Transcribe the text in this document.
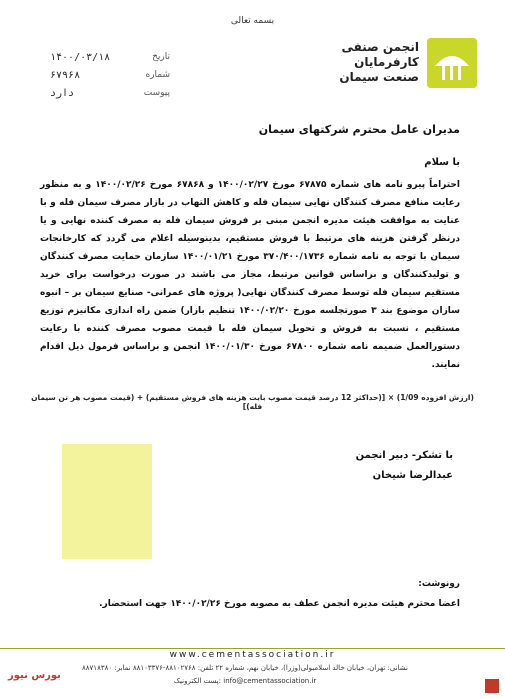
بسمه تعالی
انجمن صنفی
کارفرمایان
صنعت سیمان
تاریخ
۱۴۰۰/۰۳/۱۸
شماره
۶۷۹۶۸
پیوست
دارد
مدیران عامل محترم شرکتهای سیمان
با سلام
احتراماً پیرو نامه های شماره ۶۷۸۷۵ مورخ ۱۴۰۰/۰۲/۲۷ و ۶۷۸۶۸ مورخ ۱۴۰۰/۰۲/۲۶ و به منظور رعایت منافع مصرف کنندگان نهایی سیمان فله و کاهش التهاب در بازار مصرف سیمان فله و با عنایت به موافقت هیئت مدیره انجمن مبنی بر فروش سیمان فله به مصرف کننده نهایی و یا درنظر گرفتن هزینه های مرتبط با فروش مستقیم، بدینوسیله اعلام می گردد که کارخانجات سیمان با توجه به نامه شماره ۳۷۰/۴۰۰/۱۷۳۶ مورخ ۱۴۰۰/۰۱/۲۱ سازمان حمایت مصرف کنندگان و تولیدکنندگان و براساس قوانین مرتبط، مجاز می باشند در صورت درخواست برای خرید مستقیم سیمان فله توسط مصرف کنندگان نهایی( پروژه های عمرانی- صنایع سیمان بر – انبوه سازان موضوع بند ۳ صورتجلسه مورخ ۱۴۰۰/۰۲/۲۰ تنظیم بازار) ضمن راه اندازی مکانیزم توزیع مستقیم ، نسبت به فروش و تحویل سیمان فله با قیمت مصوب مصرف کننده با رعایت دستورالعمل ضمیمه نامه شماره ۶۷۸۰۰ مورخ ۱۴۰۰/۰۱/۳۰ انجمن و براساس فرمول ذیل اقدام نمایند.
(ارزش افزوده 1/09) × [(حداکثر 12 درصد قیمت مصوب بابت هزینه های فروش مستقیم) + (قیمت مصوب هر تن سیمان فله)]
با تشکر- دبیر انجمن
عبدالرضا شیخان
رونوشت:
اعضا محترم هیئت مدیره انجمن عطف به مصوبه مورخ ۱۴۰۰/۰۲/۲۶ جهت استحضار.
www.cementassociation.ir
نشانی: تهران، خیابان خالد اسلامبولی(وزرا)، خیابان نهم، شماره ۲۲ تلفن: ۸۸۱۰۲۷۶۸-۸۸۱۰۳۳۷۶ نمابر: ۸۸۷۱۸۳۸۰
info@cementassociation.ir :پست الکترونیک
بورس نیوز
